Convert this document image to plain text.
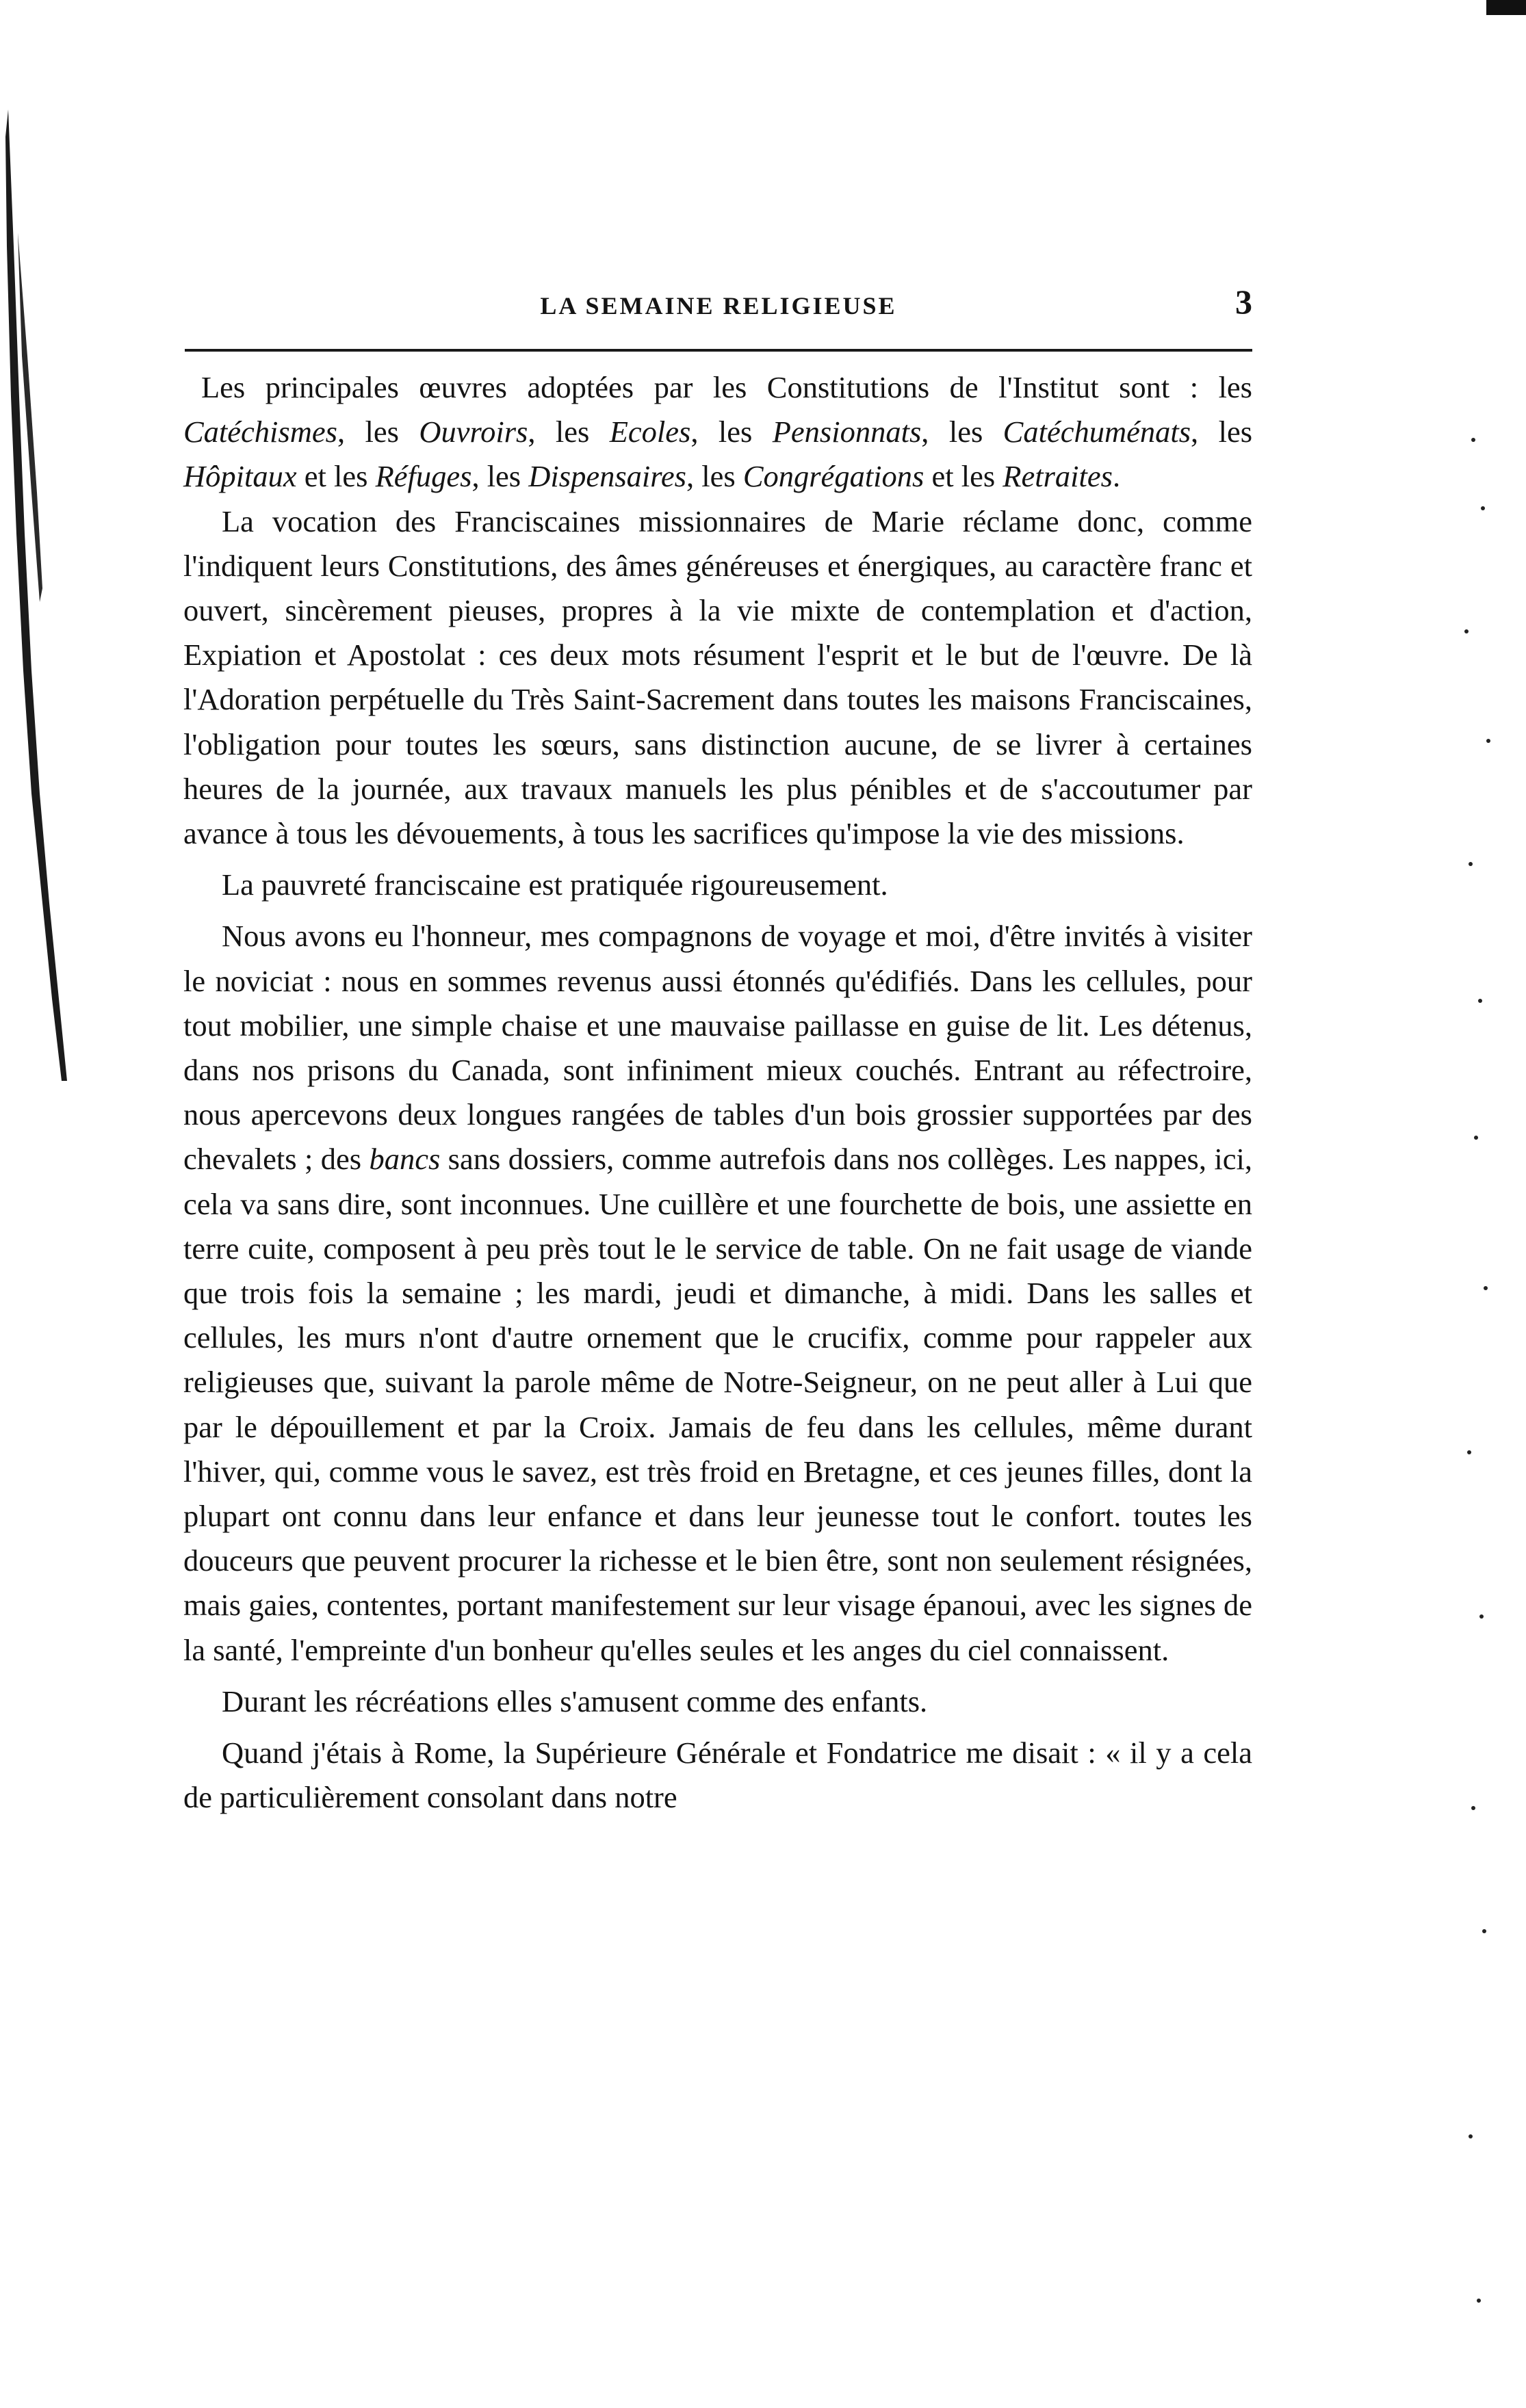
LA SEMAINE RELIGIEUSE	3

Les principales œuvres adoptées par les Constitutions de l'Institut sont : les Catéchismes, les Ouvroirs, les Ecoles, les Pensionnats, les Catéchuménats, les Hôpitaux et les Réfuges, les Dispensaires, les Congrégations et les Retraites.

La vocation des Franciscaines missionnaires de Marie réclame donc, comme l'indiquent leurs Constitutions, des âmes généreuses et énergiques, au caractère franc et ouvert, sincèrement pieuses, propres à la vie mixte de contemplation et d'action, Expiation et Apostolat : ces deux mots résument l'esprit et le but de l'œuvre. De là l'Adoration perpétuelle du Très Saint-Sacrement dans toutes les maisons Franciscaines, l'obligation pour toutes les sœurs, sans distinction aucune, de se livrer à certaines heures de la journée, aux travaux manuels les plus pénibles et de s'accoutumer par avance à tous les dévouements, à tous les sacrifices qu'impose la vie des missions.

La pauvreté franciscaine est pratiquée rigoureusement.

Nous avons eu l'honneur, mes compagnons de voyage et moi, d'être invités à visiter le noviciat : nous en sommes revenus aussi étonnés qu'édifiés. Dans les cellules, pour tout mobilier, une simple chaise et une mauvaise paillasse en guise de lit. Les détenus, dans nos prisons du Canada, sont infiniment mieux couchés. Entrant au réfectroire, nous apercevons deux longues rangées de tables d'un bois grossier supportées par des chevalets ; des bancs sans dossiers, comme autrefois dans nos collèges. Les nappes, ici, cela va sans dire, sont inconnues. Une cuillère et une fourchette de bois, une assiette en terre cuite, composent à peu près tout le le service de table. On ne fait usage de viande que trois fois la semaine ; les mardi, jeudi et dimanche, à midi. Dans les salles et cellules, les murs n'ont d'autre ornement que le crucifix, comme pour rappeler aux religieuses que, suivant la parole même de Notre-Seigneur, on ne peut aller à Lui que par le dépouillement et par la Croix. Jamais de feu dans les cellules, même durant l'hiver, qui, comme vous le savez, est très froid en Bretagne, et ces jeunes filles, dont la plupart ont connu dans leur enfance et dans leur jeunesse tout le confort. toutes les douceurs que peuvent procurer la richesse et le bien être, sont non seulement résignées, mais gaies, contentes, portant manifestement sur leur visage épanoui, avec les signes de la santé, l'empreinte d'un bonheur qu'elles seules et les anges du ciel connaissent.

Durant les récréations elles s'amusent comme des enfants.

Quand j'étais à Rome, la Supérieure Générale et Fondatrice me disait : « il y a cela de particulièrement consolant dans notre
